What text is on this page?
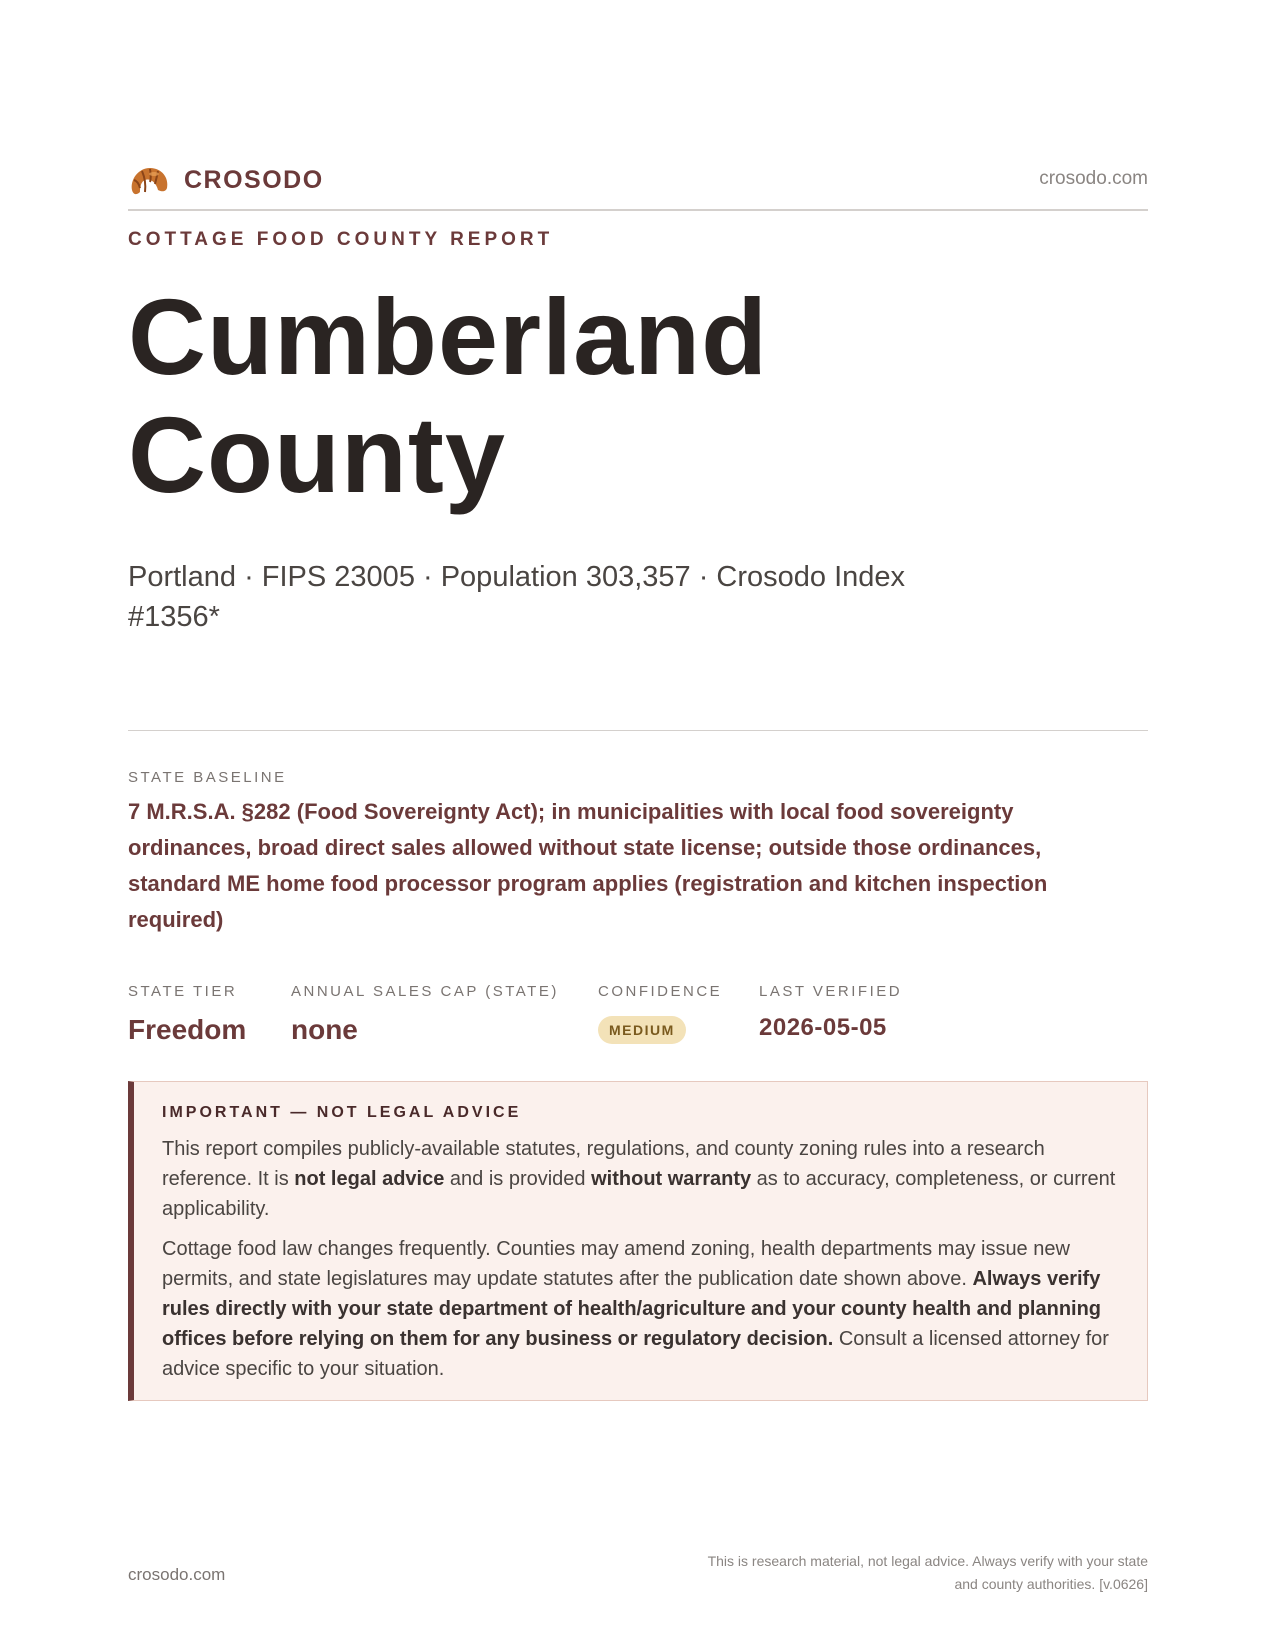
CROSODO	crosodo.com
COTTAGE FOOD COUNTY REPORT
Cumberland
County
Portland · FIPS 23005 · Population 303,357 · Crosodo Index #1356*
STATE BASELINE
7 M.R.S.A. §282 (Food Sovereignty Act); in municipalities with local food sovereignty ordinances, broad direct sales allowed without state license; outside those ordinances, standard ME home food processor program applies (registration and kitchen inspection required)
STATE TIER
Freedom
ANNUAL SALES CAP (STATE)
none
CONFIDENCE
MEDIUM
LAST VERIFIED
2026-05-05
IMPORTANT — NOT LEGAL ADVICE

This report compiles publicly-available statutes, regulations, and county zoning rules into a research reference. It is not legal advice and is provided without warranty as to accuracy, completeness, or current applicability.

Cottage food law changes frequently. Counties may amend zoning, health departments may issue new permits, and state legislatures may update statutes after the publication date shown above. Always verify rules directly with your state department of health/agriculture and your county health and planning offices before relying on them for any business or regulatory decision. Consult a licensed attorney for advice specific to your situation.

crosodo.com
This is research material, not legal advice. Always verify with your state
and county authorities. [v.0626]
